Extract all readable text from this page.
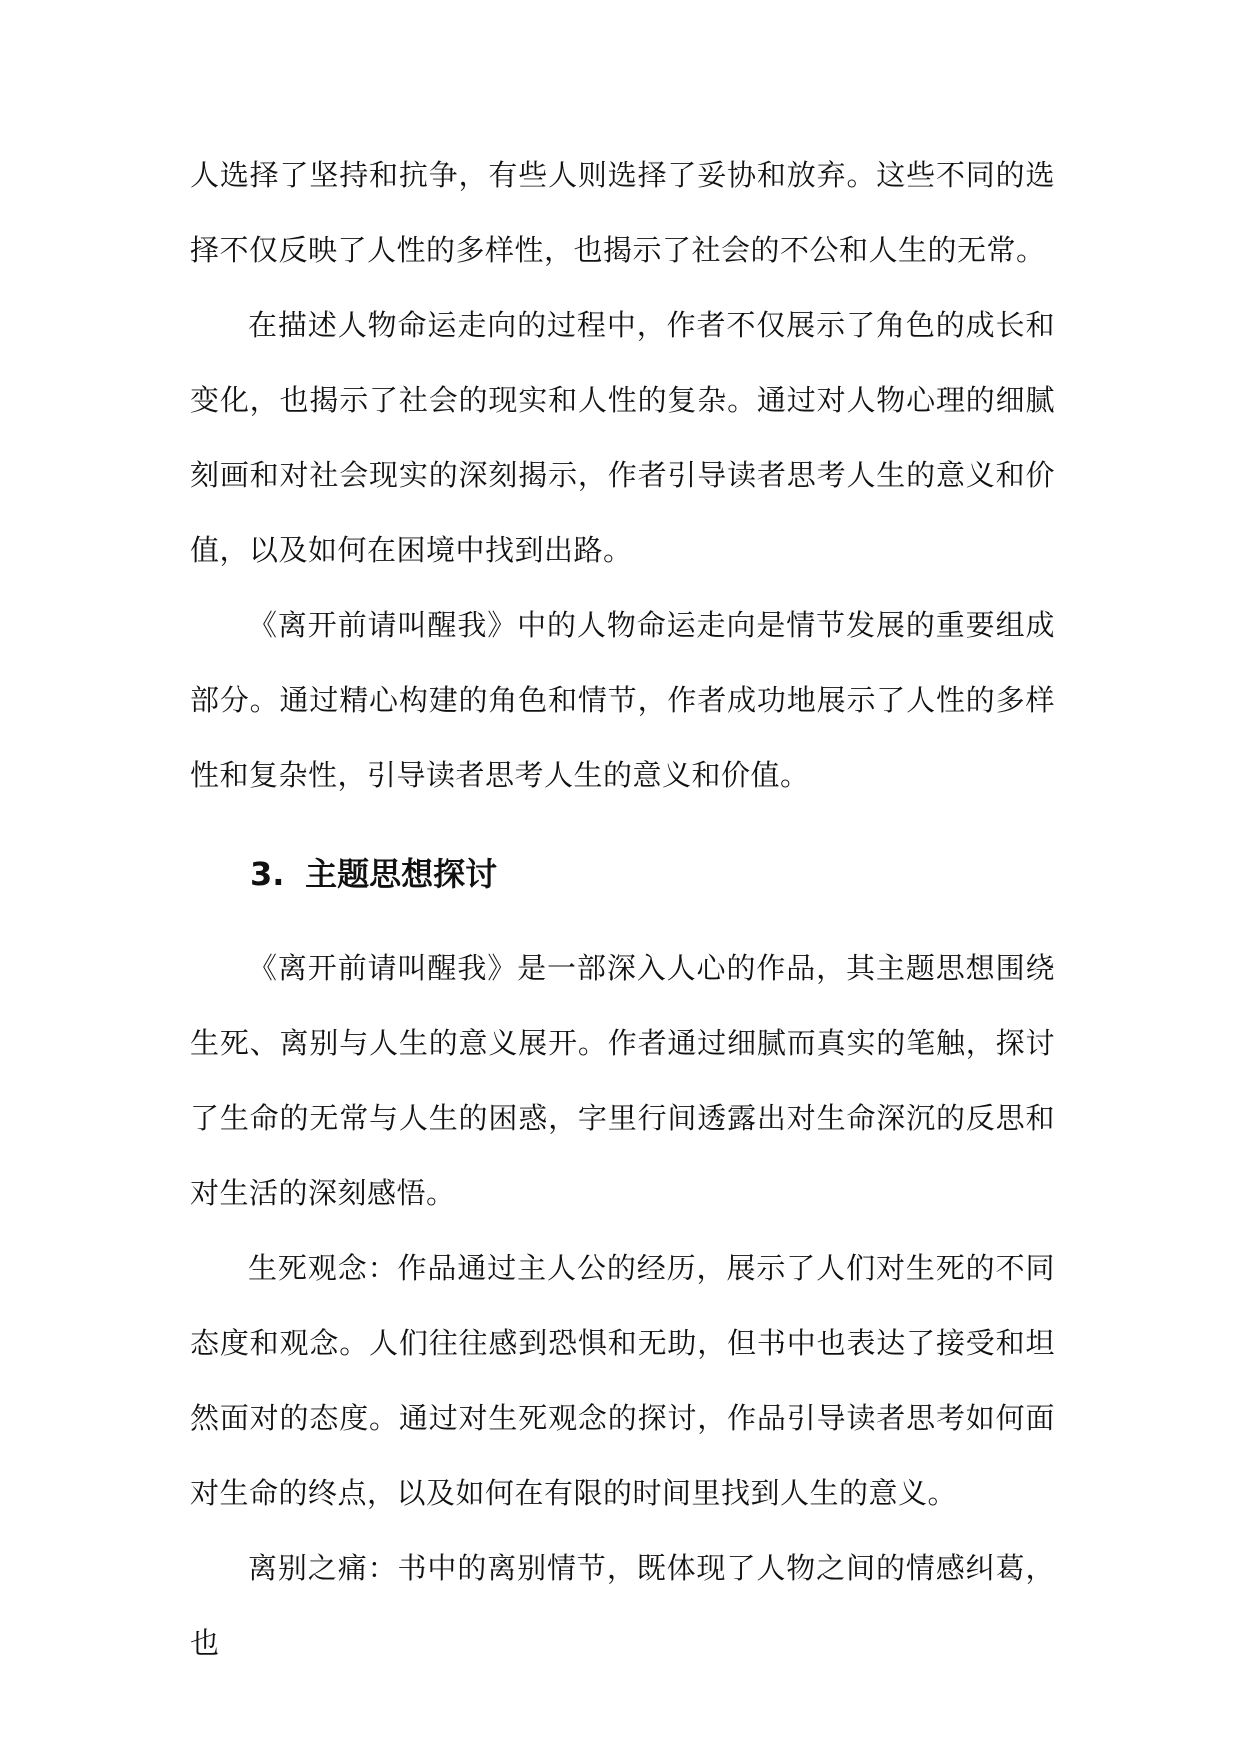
人选择了坚持和抗争，有些人则选择了妥协和放弃。这些不同的选择不仅反映了人性的多样性，也揭示了社会的不公和人生的无常。

在描述人物命运走向的过程中，作者不仅展示了角色的成长和变化，也揭示了社会的现实和人性的复杂。通过对人物心理的细腻刻画和对社会现实的深刻揭示，作者引导读者思考人生的意义和价值，以及如何在困境中找到出路。

《离开前请叫醒我》中的人物命运走向是情节发展的重要组成部分。通过精心构建的角色和情节，作者成功地展示了人性的多样性和复杂性，引导读者思考人生的意义和价值。

3. 主题思想探讨

《离开前请叫醒我》是一部深入人心的作品，其主题思想围绕生死、离别与人生的意义展开。作者通过细腻而真实的笔触，探讨了生命的无常与人生的困惑，字里行间透露出对生命深沉的反思和对生活的深刻感悟。

生死观念：作品通过主人公的经历，展示了人们对生死的不同态度和观念。人们往往感到恐惧和无助，但书中也表达了接受和坦然面对的态度。通过对生死观念的探讨，作品引导读者思考如何面对生命的终点，以及如何在有限的时间里找到人生的意义。

离别之痛：书中的离别情节，既体现了人物之间的情感纠葛，也
